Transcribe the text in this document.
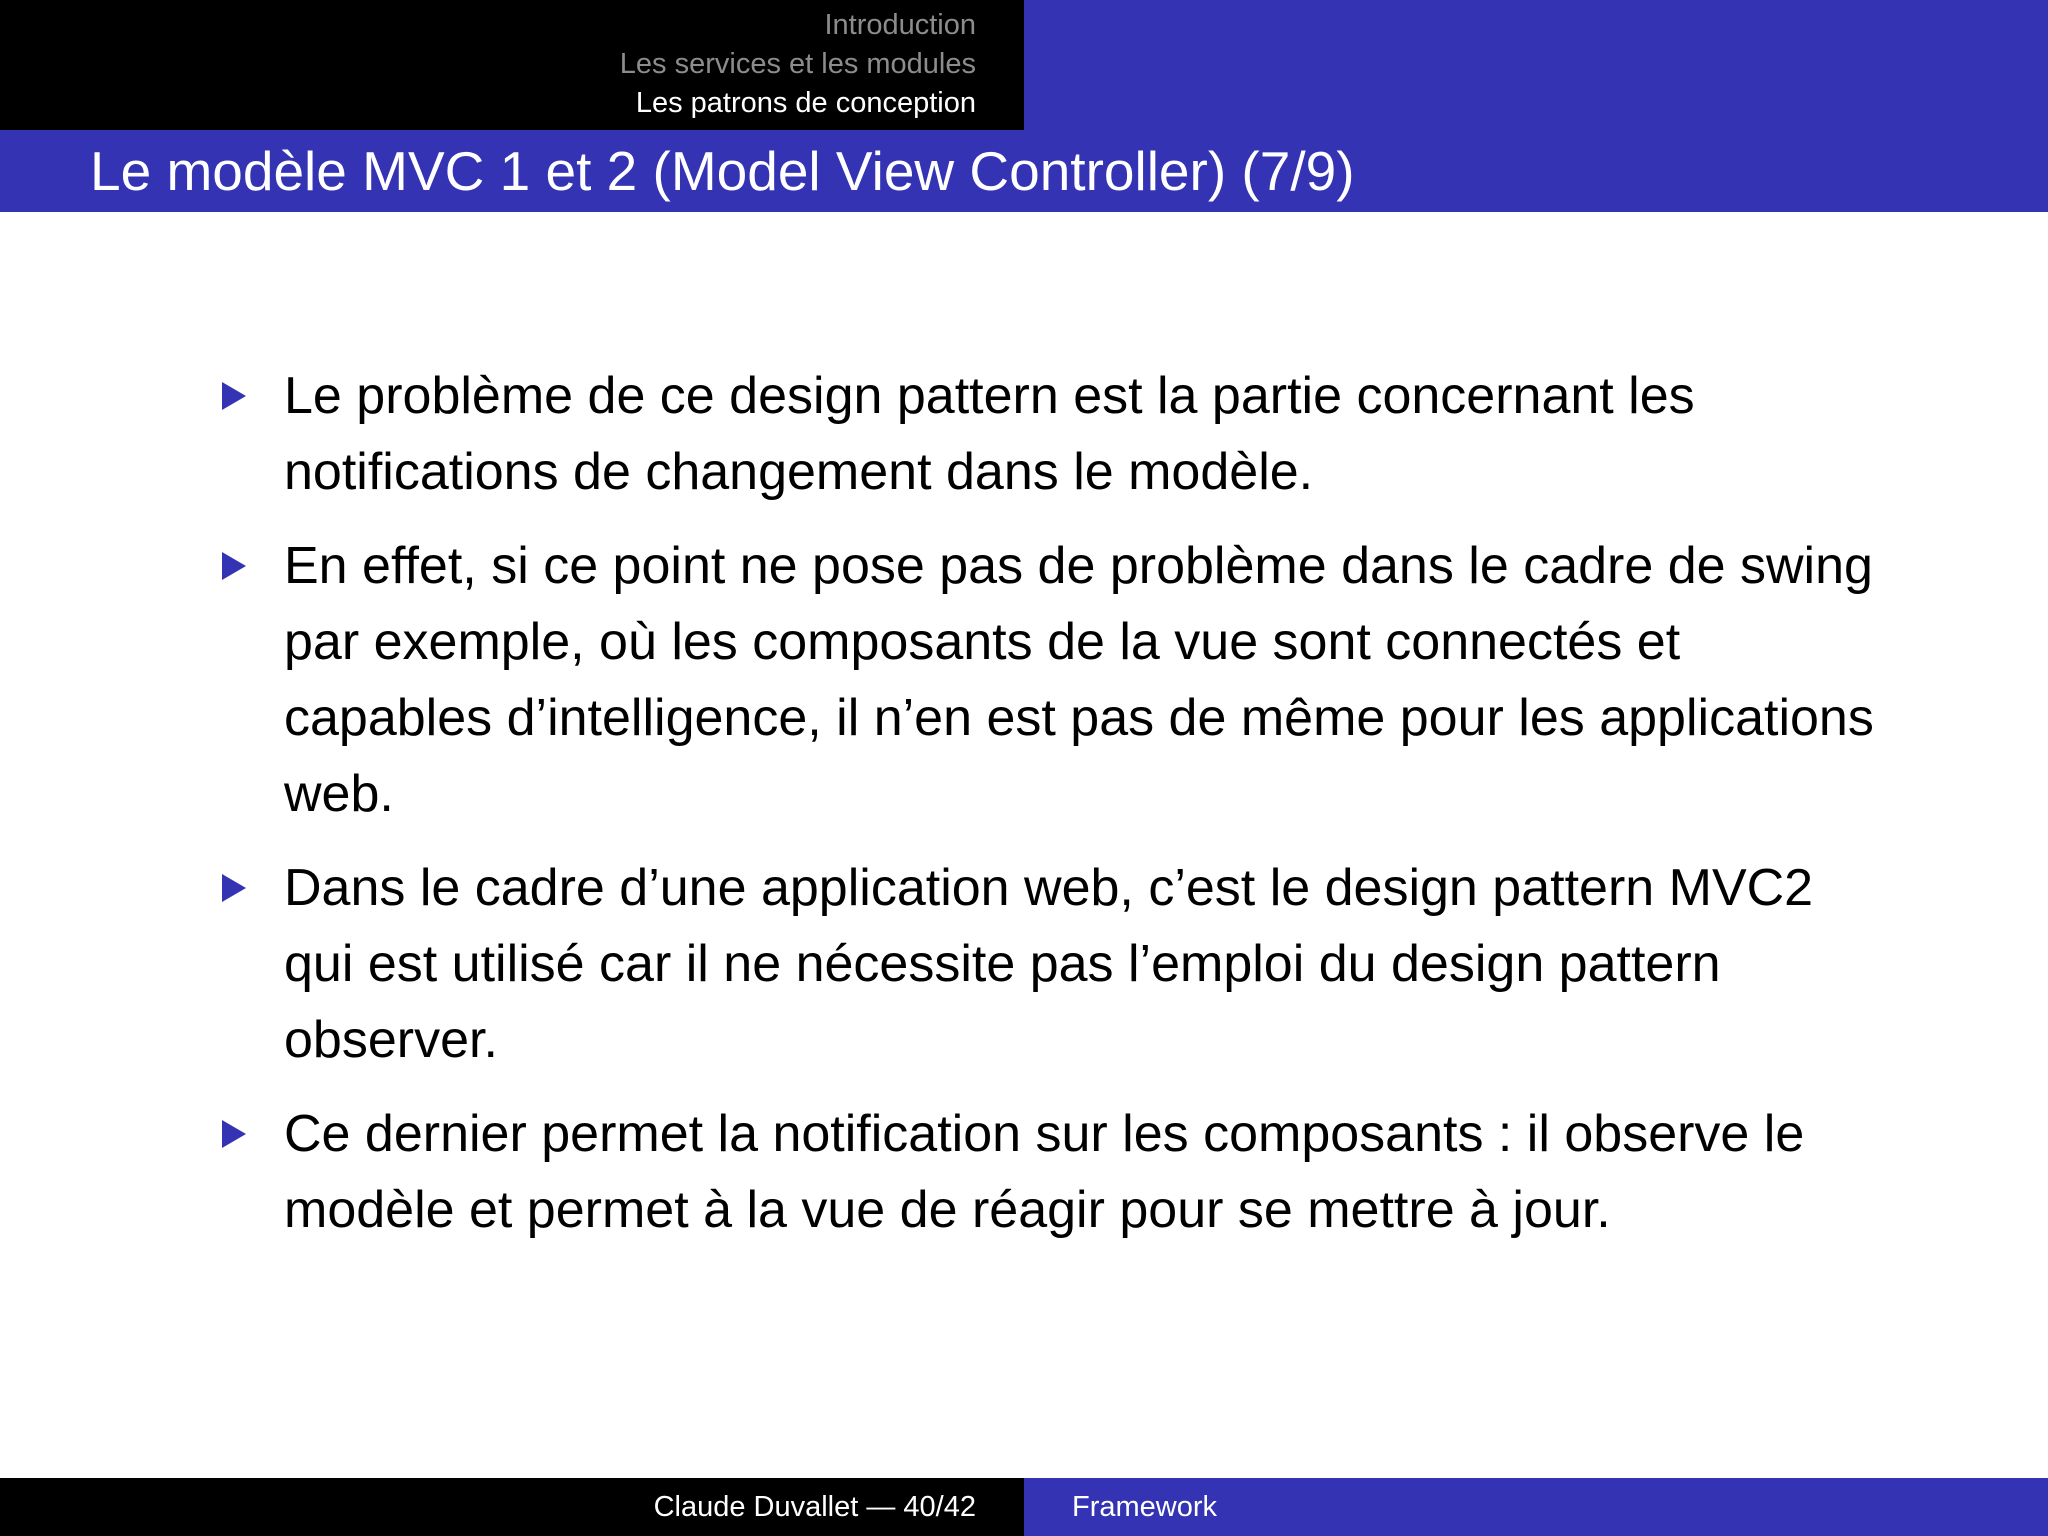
Introduction
Les services et les modules
Les patrons de conception
Le modèle MVC 1 et 2 (Model View Controller) (7/9)
Le problème de ce design pattern est la partie concernant les notifications de changement dans le modèle.
En effet, si ce point ne pose pas de problème dans le cadre de swing par exemple, où les composants de la vue sont connectés et capables d’intelligence, il n’en est pas de même pour les applications web.
Dans le cadre d’une application web, c’est le design pattern MVC2 qui est utilisé car il ne nécessite pas l’emploi du design pattern observer.
Ce dernier permet la notification sur les composants : il observe le modèle et permet à la vue de réagir pour se mettre à jour.
Claude Duvallet — 40/42	Framework
